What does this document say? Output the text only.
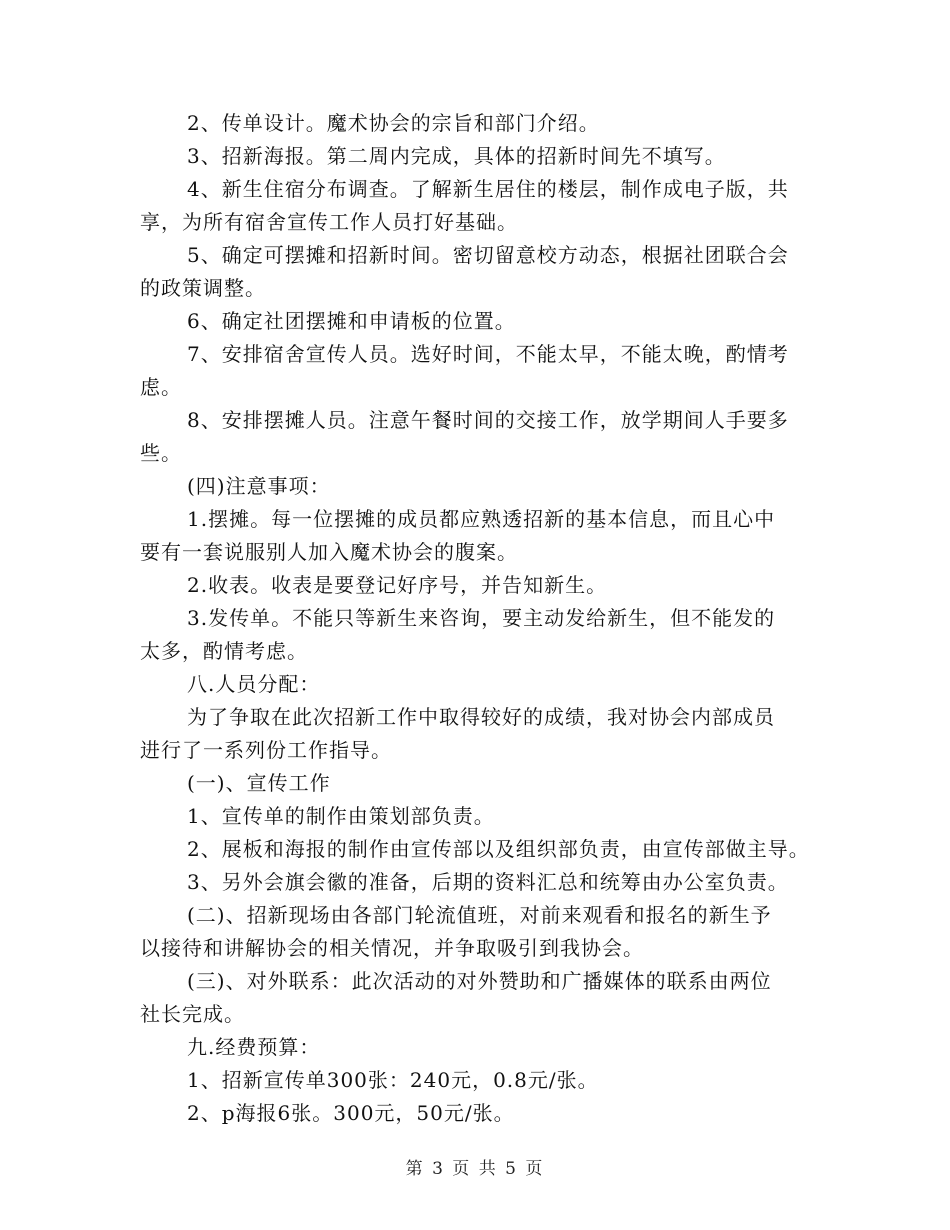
2、传单设计。魔术协会的宗旨和部门介绍。
3、招新海报。第二周内完成，具体的招新时间先不填写。
4、新生住宿分布调查。了解新生居住的楼层，制作成电子版，共
享，为所有宿舍宣传工作人员打好基础。
5、确定可摆摊和招新时间。密切留意校方动态，根据社团联合会
的政策调整。
6、确定社团摆摊和申请板的位置。
7、安排宿舍宣传人员。选好时间，不能太早，不能太晚，酌情考
虑。
8、安排摆摊人员。注意午餐时间的交接工作，放学期间人手要多
些。
(四)注意事项：
1.摆摊。每一位摆摊的成员都应熟透招新的基本信息，而且心中
要有一套说服别人加入魔术协会的腹案。
2.收表。收表是要登记好序号，并告知新生。
3.发传单。不能只等新生来咨询，要主动发给新生，但不能发的
太多，酌情考虑。
八.人员分配：
为了争取在此次招新工作中取得较好的成绩，我对协会内部成员
进行了一系列份工作指导。
(一)、宣传工作
1、宣传单的制作由策划部负责。
2、展板和海报的制作由宣传部以及组织部负责，由宣传部做主导。
3、另外会旗会徽的准备，后期的资料汇总和统筹由办公室负责。
(二)、招新现场由各部门轮流值班，对前来观看和报名的新生予
以接待和讲解协会的相关情况，并争取吸引到我协会。
(三)、对外联系：此次活动的对外赞助和广播媒体的联系由两位
社长完成。
九.经费预算：
1、招新宣传单300张：240元，0.8元/张。
2、p海报6张。300元，50元/张。
第 3 页 共 5 页
